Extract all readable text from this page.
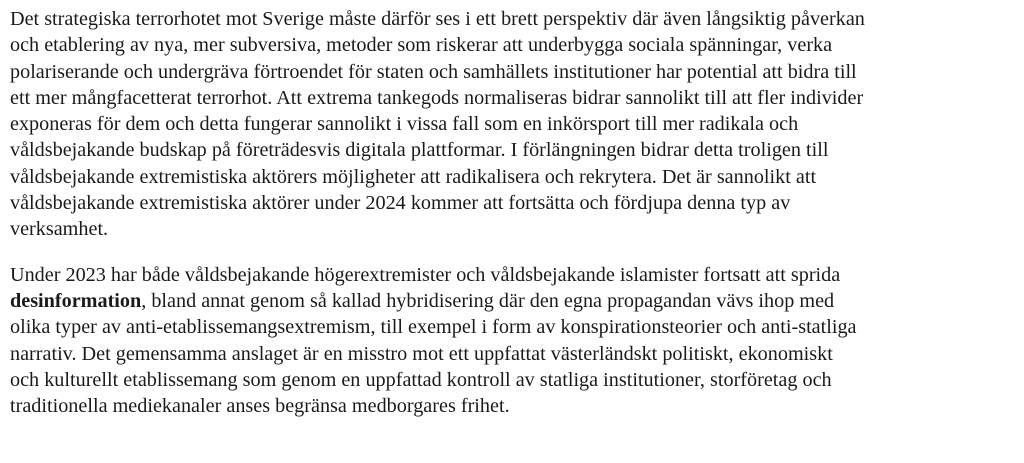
Det strategiska terrorhotet mot Sverige måste därför ses i ett brett perspektiv där även långsiktig påverkan
och etablering av nya, mer subversiva, metoder som riskerar att underbygga sociala spänningar, verka
polariserande och undergräva förtroendet för staten och samhällets institutioner har potential att bidra till
ett mer mångfacetterat terrorhot. Att extrema tankegods normaliseras bidrar sannolikt till att fler individer
exponeras för dem och detta fungerar sannolikt i vissa fall som en inkörsport till mer radikala och
våldsbejakande budskap på företrädesvis digitala plattformar. I förlängningen bidrar detta troligen till
våldsbejakande extremistiska aktörers möjligheter att radikalisera och rekrytera. Det är sannolikt att
våldsbejakande extremistiska aktörer under 2024 kommer att fortsätta och fördjupa denna typ av
verksamhet.

Under 2023 har både våldsbejakande högerextremister och våldsbejakande islamister fortsatt att sprida
desinformation, bland annat genom så kallad hybridisering där den egna propagandan vävs ihop med
olika typer av anti-etablissemangsextremism, till exempel i form av konspirationsteorier och anti-statliga
narrativ. Det gemensamma anslaget är en misstro mot ett uppfattat västerländskt politiskt, ekonomiskt
och kulturellt etablissemang som genom en uppfattad kontroll av statliga institutioner, storföretag och
traditionella mediekanaler anses begränsa medborgares frihet.
